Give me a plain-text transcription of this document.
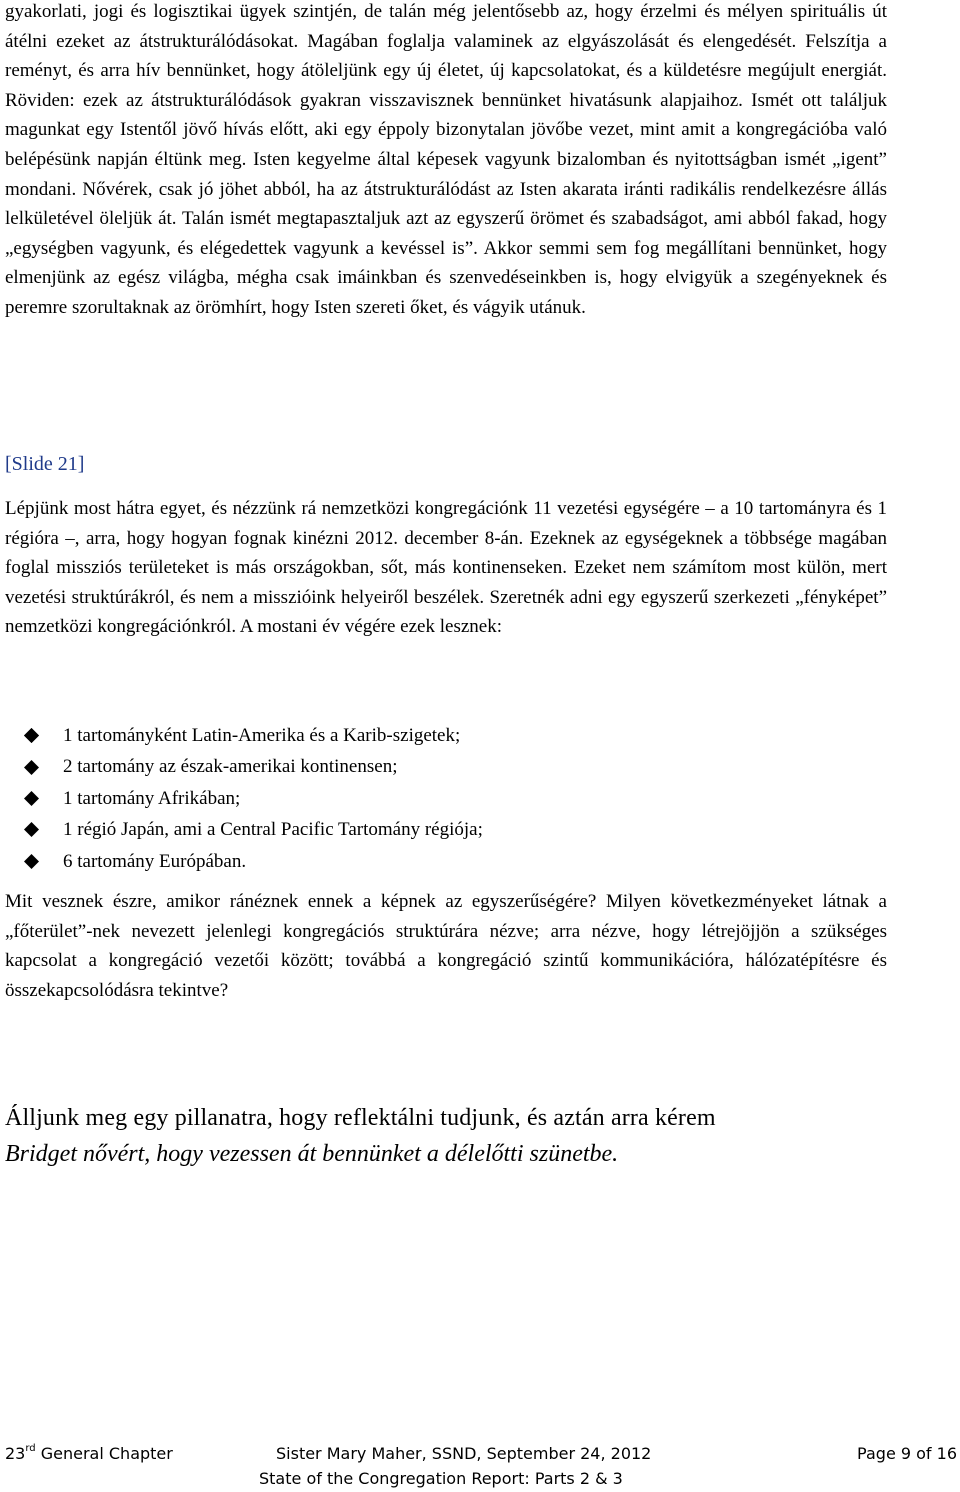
gyakorlati, jogi és logisztikai ügyek szintjén, de talán még jelentősebb az, hogy érzelmi és mélyen spirituális út átélni ezeket az átstrukturálódásokat. Magában foglalja valaminek az elgyászolását és elengedését. Felszítja a reményt, és arra hív bennünket, hogy átöleljünk egy új életet, új kapcsolatokat, és a küldetésre megújult energiát. Röviden: ezek az átstrukturálódások gyakran visszavisznek bennünket hivatásunk alapjaihoz. Ismét ott találjuk magunkat egy Istentől jövő hívás előtt, aki egy éppoly bizonytalan jövőbe vezet, mint amit a kongregációba való belépésünk napján éltünk meg. Isten kegyelme által képesek vagyunk bizalomban és nyitottságban ismét „igent” mondani. Nővérek, csak jó jöhet abból, ha az átstrukturálódást az Isten akarata iránti radikális rendelkezésre állás lelkületével öleljük át. Talán ismét megtapasztaljuk azt az egyszerű örömet és szabadságot, ami abból fakad, hogy „egységben vagyunk, és elégedettek vagyunk a kevéssel is”. Akkor semmi sem fog megállítani bennünket, hogy elmenjünk az egész világba, mégha csak imáinkban és szenvedéseinkben is, hogy elvigyük a szegényeknek és peremre szorultaknak az örömhírt, hogy Isten szereti őket, és vágyik utánuk.

[Slide 21]

Lépjünk most hátra egyet, és nézzünk rá nemzetközi kongregációnk 11 vezetési egységére – a 10 tartományra és 1 régióra –, arra, hogy hogyan fognak kinézni 2012. december 8-án. Ezeknek az egységeknek a többsége magában foglal missziós területeket is más országokban, sőt, más kontinenseken. Ezeket nem számítom most külön, mert vezetési struktúrákról, és nem a misszióink helyeiről beszélek. Szeretnék adni egy egyszerű szerkezeti „fényképet” nemzetközi kongregációnkról. A mostani év végére ezek lesznek:

1 tartományként Latin-Amerika és a Karib-szigetek;
2 tartomány az észak-amerikai kontinensen;
1 tartomány Afrikában;
1 régió Japán, ami a Central Pacific Tartomány régiója;
6 tartomány Európában.

Mit vesznek észre, amikor ránéznek ennek a képnek az egyszerűségére? Milyen következményeket látnak a „főterület”-nek nevezett jelenlegi kongregációs struktúrára nézve; arra nézve, hogy létrejöjjön a szükséges kapcsolat a kongregáció vezetői között; továbbá a kongregáció szintű kommunikációra, hálózatépítésre és összekapcsolódásra tekintve?

Álljunk meg egy pillanatra, hogy reflektálni tudjunk, és aztán arra kérem
Bridget nővért, hogy vezessen át bennünket a délelőtti szünetbe.

23rd General Chapter	Sister Mary Maher, SSND, September 24, 2012	Page 9 of 16
State of the Congregation Report: Parts 2 & 3
